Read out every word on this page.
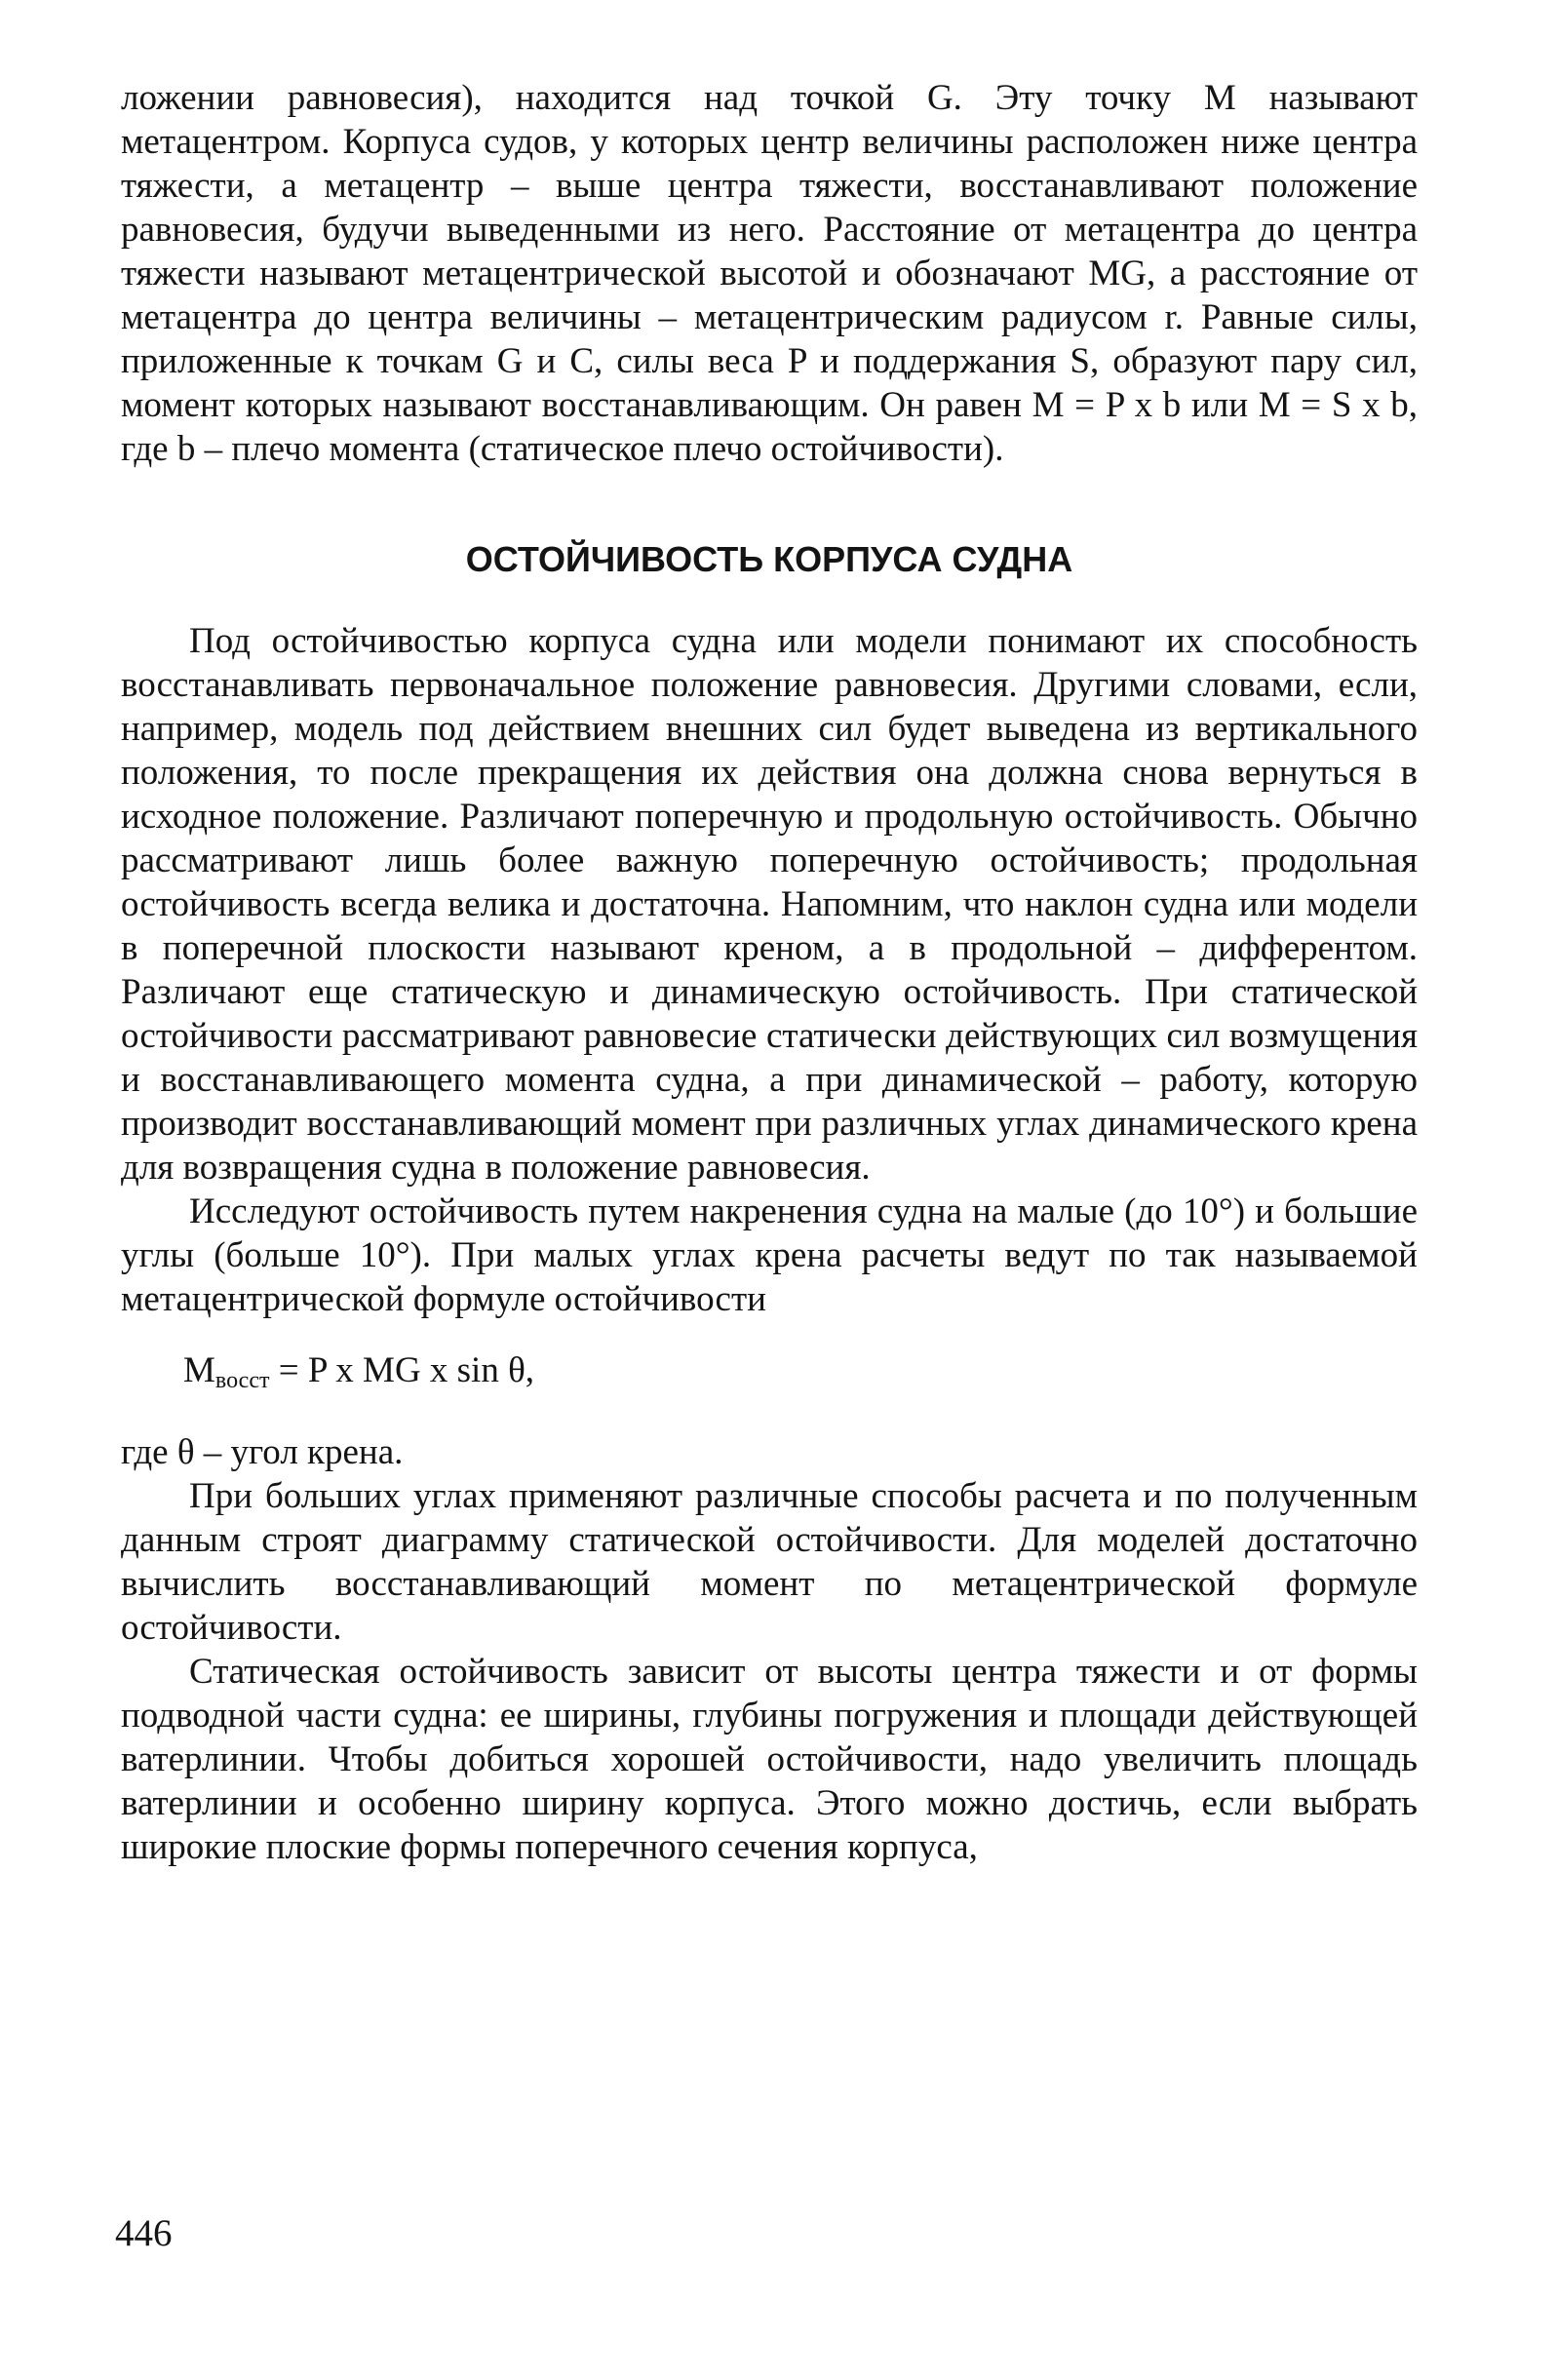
ложении равновесия), находится над точкой G. Эту точку М называют метацентром. Корпуса судов, у которых центр величины расположен ниже центра тяжести, а метацентр – выше центра тяжести, восстанавливают положение равновесия, будучи выведенными из него. Расстояние от метацентра до центра тяжести называют метацентрической высотой и обозначают MG, а расстояние от метацентра до центра величины – метацентрическим радиусом r. Равные силы, приложенные к точкам G и C, силы веса P и поддержания S, образуют пару сил, момент которых называют восстанавливающим. Он равен M = P x b или M = S x b, где b – плечо момента (статическое плечо остойчивости).

ОСТОЙЧИВОСТЬ КОРПУСА СУДНА

Под остойчивостью корпуса судна или модели понимают их способность восстанавливать первоначальное положение равновесия. Другими словами, если, например, модель под действием внешних сил будет выведена из вертикального положения, то после прекращения их действия она должна снова вернуться в исходное положение. Различают поперечную и продольную остойчивость. Обычно рассматривают лишь более важную поперечную остойчивость; продольная остойчивость всегда велика и достаточна. Напомним, что наклон судна или модели в поперечной плоскости называют креном, а в продольной – дифферентом. Различают еще статическую и динамическую остойчивость. При статической остойчивости рассматривают равновесие статически действующих сил возмущения и восстанавливающего момента судна, а при динамической – работу, которую производит восстанавливающий момент при различных углах динамического крена для возвращения судна в положение равновесия.

Исследуют остойчивость путем накренения судна на малые (до 10°) и большие углы (больше 10°). При малых углах крена расчеты ведут по так называемой метацентрической формуле остойчивости

$M_{восст} = P$ x MG x sin θ,

где θ – угол крена.

При больших углах применяют различные способы расчета и по полученным данным строят диаграмму статической остойчивости. Для моделей достаточно вычислить восстанавливающий момент по метацентрической формуле остойчивости.

Статическая остойчивость зависит от высоты центра тяжести и от формы подводной части судна: ее ширины, глубины погружения и площади действующей ватерлинии. Чтобы добиться хорошей остойчивости, надо увеличить площадь ватерлинии и особенно ширину корпуса. Этого можно достичь, если выбрать широкие плоские формы поперечного сечения корпуса,

446
